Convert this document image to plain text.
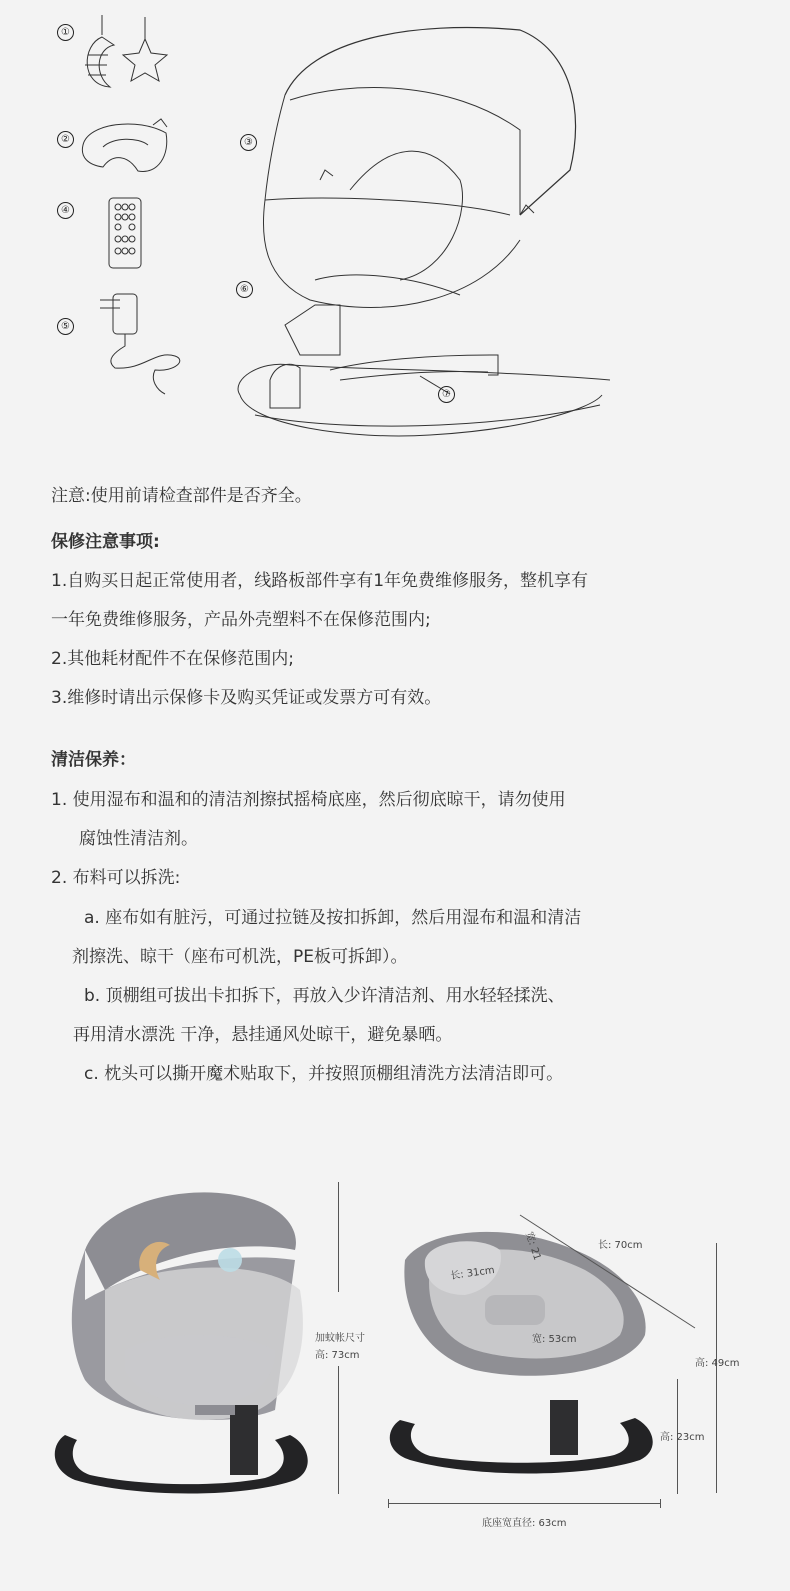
①
②
④
⑤
③
⑥
⑦
注意:使用前请检查部件是否齐全。
保修注意事项:
1.自购买日起正常使用者，线路板部件享有1年免费维修服务，整机享有
一年免费维修服务，产品外壳塑料不在保修范围内;
2.其他耗材配件不在保修范围内;
3.维修时请出示保修卡及购买凭证或发票方可有效。
清洁保养：
1. 使用湿布和温和的清洁剂擦拭摇椅底座，然后彻底晾干，请勿使用
腐蚀性清洁剂。
2. 布料可以拆洗:
a. 座布如有脏污，可通过拉链及按扣拆卸，然后用湿布和温和清洁
剂擦洗、晾干（座布可机洗，PE板可拆卸）。
b. 顶棚组可拔出卡扣拆下，再放入少许清洁剂、用水轻轻揉洗、
再用清水漂洗 干净，悬挂通风处晾干，避免暴晒。
c. 枕头可以撕开魔术贴取下，并按照顶棚组清洗方法清洁即可。
加蚊帐尺寸
高: 73cm
长: 70cm
宽: 21
长: 31cm
宽: 53cm
高: 49cm
高: 23cm
底座宽直径: 63cm
